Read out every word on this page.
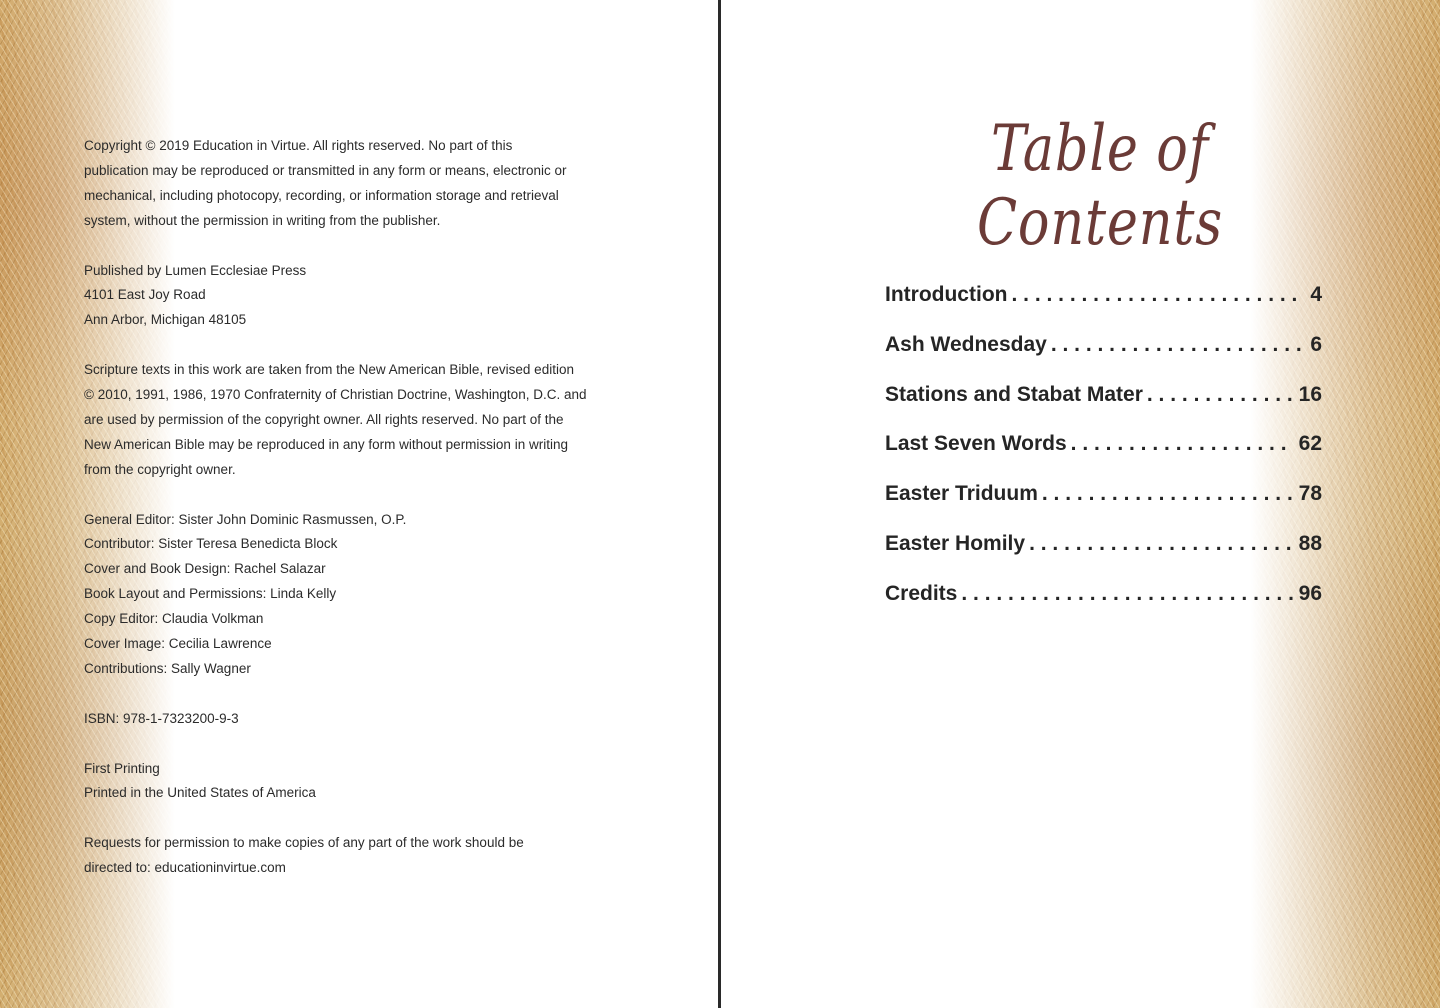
Copyright © 2019 Education in Virtue. All rights reserved. No part of this
publication may be reproduced or transmitted in any form or means, electronic or
mechanical, including photocopy, recording, or information storage and retrieval
system, without the permission in writing from the publisher.

Published by Lumen Ecclesiae Press
4101 East Joy Road
Ann Arbor, Michigan 48105

Scripture texts in this work are taken from the New American Bible, revised edition
© 2010, 1991, 1986, 1970 Confraternity of Christian Doctrine, Washington, D.C. and
are used by permission of the copyright owner. All rights reserved. No part of the
New American Bible may be reproduced in any form without permission in writing
from the copyright owner.

General Editor: Sister John Dominic Rasmussen, O.P.
Contributor: Sister Teresa Benedicta Block
Cover and Book Design: Rachel Salazar
Book Layout and Permissions: Linda Kelly
Copy Editor: Claudia Volkman
Cover Image: Cecilia Lawrence
Contributions: Sally Wagner

ISBN: 978-1-7323200-9-3

First Printing
Printed in the United States of America

Requests for permission to make copies of any part of the work should be
directed to: educationinvirtue.com

Table of Contents
Introduction . . .	4
Ash Wednesday . . .	6
Stations and Stabat Mater . . .	16
Last Seven Words . . .	62
Easter Triduum . . .	78
Easter Homily . . .	88
Credits . . .	96
